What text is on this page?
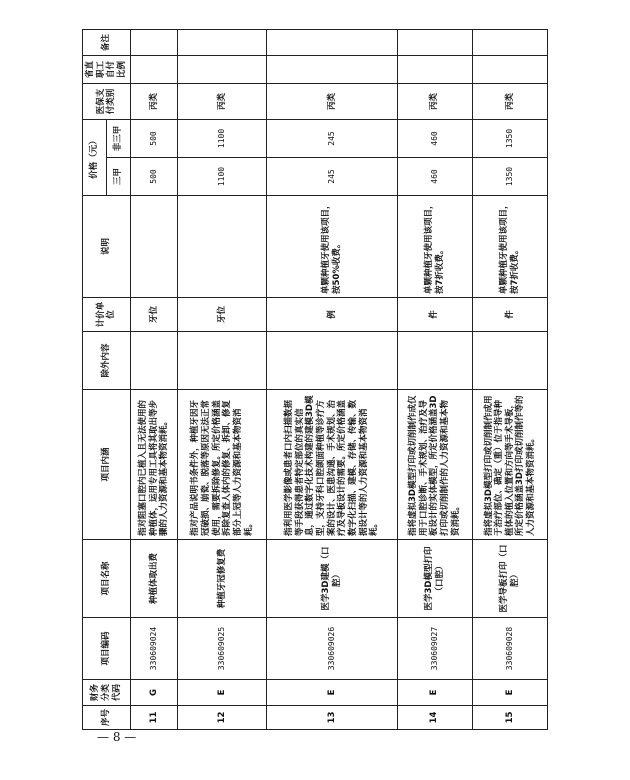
序号	财务分类代码	项目编码	项目名称	项目内涵	除外内容	计价单位	说明	价格（元）		医保支付类别	省直职工自付比例	备注
								三甲	非三甲			
11	G	330609024	种植体取出费	指对阻塞口腔内已植入且无法使用的种植体，运用专用工具将其取出等步骤的人力资源和基本物资消耗。		牙位		500	500	丙类		
12	E	330609025	种植牙冠修复费	指对产品说明书条件外，种植牙因牙冠破损、崩瓷、脱落等原因无法正常使用，需要拆除修复。所定价格涵盖拆除复查人体内的修复、拆卸、修复部分上冠等人力资源和基本物资消耗。		牙位		1100	1100	丙类		
13	E	330609026	医学3D建模（口腔）	指利用医学影像或患者口内扫描数据等手段获得患者特定部位的真实信息，通过数字化技术构建的建模3D模型，支持牙科口腔颌面种植等诊疗方案的设计、医患沟通、手术规划、治疗及导板设计的需要。所定价格涵盖数字化扫描、建模、存储、传输、数据设计等的人力资源和基本物资消耗。		例	单颗种植牙使用该项目，按50%收费。	245	245	丙类		
14	E	330609027	医学3D模型打印（口腔）	指将虚拟3D模型打印或切削制作成仅用于口腔诊断、手术规划、治疗及导板设计的实体模型，所定价格涵盖3D打印或切削制作的人力资源和基本物资消耗。		件	单颗种植牙使用该项目，按7折收费。	460	460	丙类		
15	E	330609028	医学导板打印（口腔）	指将虚拟3D模型打印或切削制作成用于治疗部位、确定（重）位于指导种植体的植入位置和方向等手术导板，所定价格涵盖3D打印或切削制作等的人力资源和基本物资消耗。		件	单颗种植牙使用该项目，按7折收费。	1350	1350	丙类		
— 8 —
